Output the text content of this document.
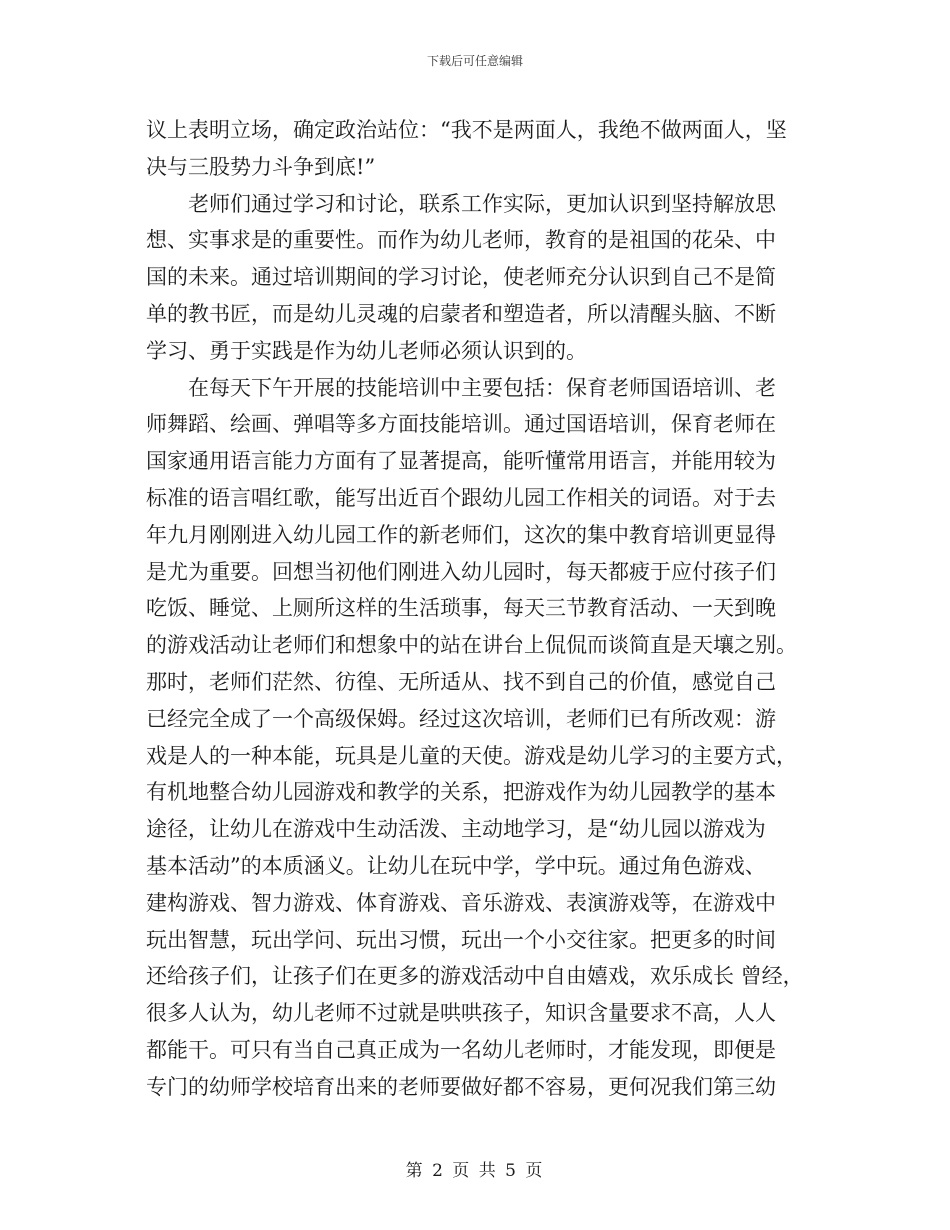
下载后可任意编辑
议上表明立场，确定政治站位：“我不是两面人，我绝不做两面人，坚
决与三股势力斗争到底!”
老师们通过学习和讨论，联系工作实际，更加认识到坚持解放思
想、实事求是的重要性。而作为幼儿老师，教育的是祖国的花朵、中
国的未来。通过培训期间的学习讨论，使老师充分认识到自己不是简
单的教书匠，而是幼儿灵魂的启蒙者和塑造者，所以清醒头脑、不断
学习、勇于实践是作为幼儿老师必须认识到的。
在每天下午开展的技能培训中主要包括：保育老师国语培训、老
师舞蹈、绘画、弹唱等多方面技能培训。通过国语培训，保育老师在
国家通用语言能力方面有了显著提高，能听懂常用语言，并能用较为
标准的语言唱红歌，能写出近百个跟幼儿园工作相关的词语。对于去
年九月刚刚进入幼儿园工作的新老师们，这次的集中教育培训更显得
是尤为重要。回想当初他们刚进入幼儿园时，每天都疲于应付孩子们
吃饭、睡觉、上厕所这样的生活琐事，每天三节教育活动、一天到晚
的游戏活动让老师们和想象中的站在讲台上侃侃而谈简直是天壤之别。
那时，老师们茫然、彷徨、无所适从、找不到自己的价值，感觉自己
已经完全成了一个高级保姆。经过这次培训，老师们已有所改观：游
戏是人的一种本能，玩具是儿童的天使。游戏是幼儿学习的主要方式，
有机地整合幼儿园游戏和教学的关系，把游戏作为幼儿园教学的基本
途径，让幼儿在游戏中生动活泼、主动地学习，是“幼儿园以游戏为
基本活动”的本质涵义。让幼儿在玩中学，学中玩。通过角色游戏、
建构游戏、智力游戏、体育游戏、音乐游戏、表演游戏等，在游戏中
玩出智慧，玩出学问、玩出习惯，玩出一个小交往家。把更多的时间
还给孩子们，让孩子们在更多的游戏活动中自由嬉戏，欢乐成长 曾经，
很多人认为，幼儿老师不过就是哄哄孩子，知识含量要求不高，人人
都能干。可只有当自己真正成为一名幼儿老师时，才能发现，即便是
专门的幼师学校培育出来的老师要做好都不容易，更何况我们第三幼
第 2 页 共 5 页
